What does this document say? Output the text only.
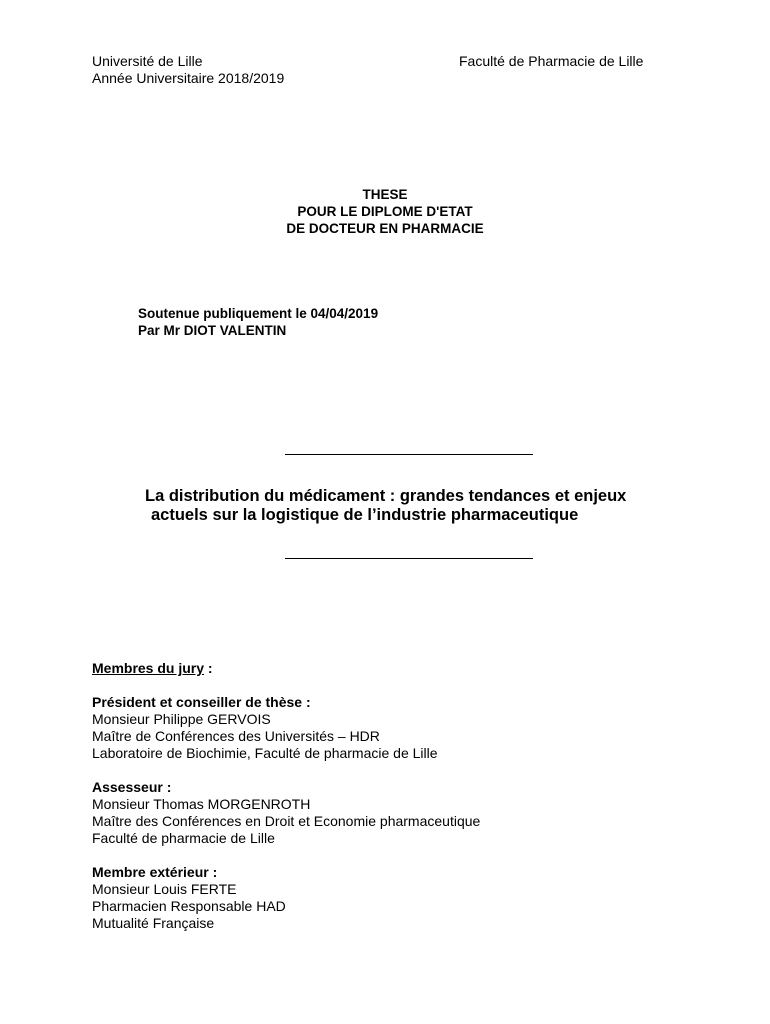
Université de Lille
Année Universitaire 2018/2019
Faculté de Pharmacie de Lille
THESE
POUR LE DIPLOME D'ETAT
DE DOCTEUR EN PHARMACIE
Soutenue publiquement le 04/04/2019
Par Mr DIOT VALENTIN
La distribution du médicament : grandes tendances et enjeux
actuels sur la logistique de l’industrie pharmaceutique
Membres du jury :
Président et conseiller de thèse :
Monsieur Philippe GERVOIS
Maître de Conférences des Universités – HDR
Laboratoire de Biochimie, Faculté de pharmacie de Lille
Assesseur :
Monsieur Thomas MORGENROTH
Maître des Conférences en Droit et Economie pharmaceutique
Faculté de pharmacie de Lille
Membre extérieur :
Monsieur Louis FERTE
Pharmacien Responsable HAD
Mutualité Française
